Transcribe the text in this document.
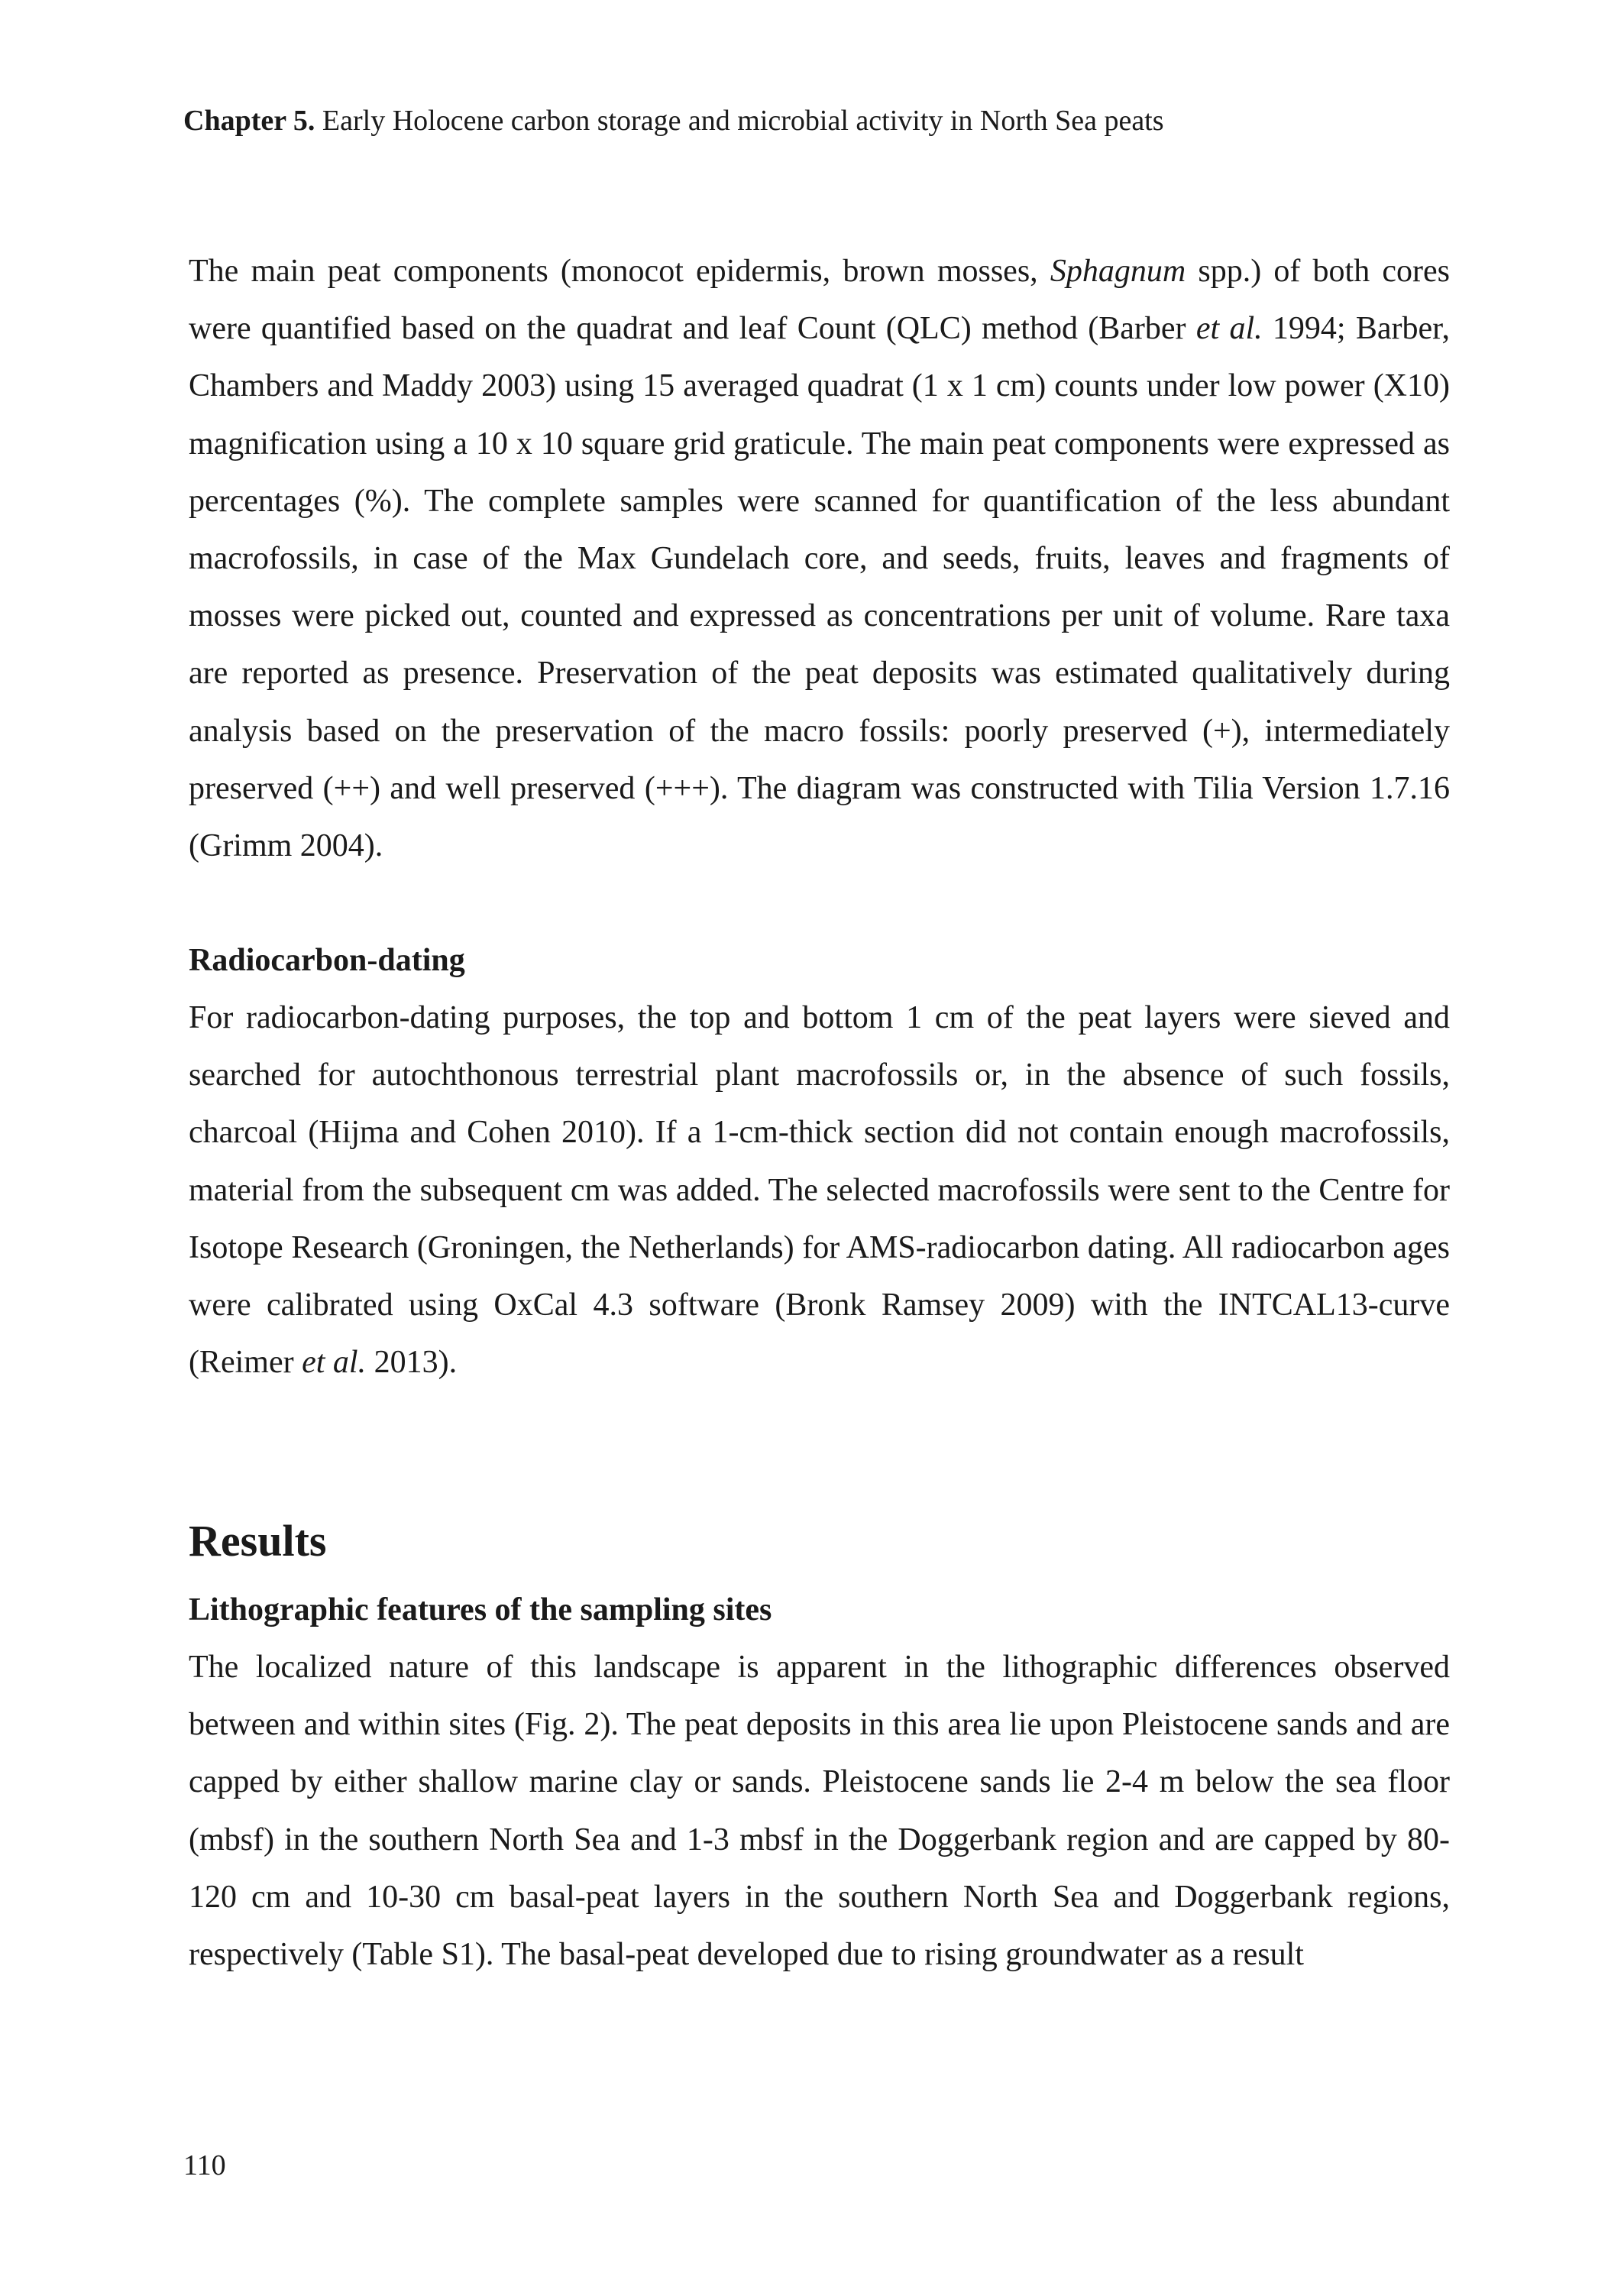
Chapter 5. Early Holocene carbon storage and microbial activity in North Sea peats

The main peat components (monocot epidermis, brown mosses, Sphagnum spp.) of both cores were quantified based on the quadrat and leaf Count (QLC) method (Barber et al. 1994; Barber, Chambers and Maddy 2003) using 15 averaged quadrat (1 x 1 cm) counts under low power (X10) magnification using a 10 x 10 square grid graticule. The main peat components were expressed as percentages (%). The complete samples were scanned for quantification of the less abundant macrofossils, in case of the Max Gundelach core, and seeds, fruits, leaves and fragments of mosses were picked out, counted and expressed as concentrations per unit of volume. Rare taxa are reported as presence. Preservation of the peat deposits was estimated qualitatively during analysis based on the preservation of the macro fossils: poorly preserved (+), intermediately preserved (++) and well preserved (+++). The diagram was constructed with Tilia Version 1.7.16 (Grimm 2004).

Radiocarbon-dating

For radiocarbon-dating purposes, the top and bottom 1 cm of the peat layers were sieved and searched for autochthonous terrestrial plant macrofossils or, in the absence of such fossils, charcoal (Hijma and Cohen 2010). If a 1-cm-thick section did not contain enough macrofossils, material from the subsequent cm was added. The selected macrofossils were sent to the Centre for Isotope Research (Groningen, the Netherlands) for AMS-radiocarbon dating. All radiocarbon ages were calibrated using OxCal 4.3 software (Bronk Ramsey 2009) with the INTCAL13-curve (Reimer et al. 2013).

Results

Lithographic features of the sampling sites

The localized nature of this landscape is apparent in the lithographic differences observed between and within sites (Fig. 2). The peat deposits in this area lie upon Pleistocene sands and are capped by either shallow marine clay or sands. Pleistocene sands lie 2-4 m below the sea floor (mbsf) in the southern North Sea and 1-3 mbsf in the Doggerbank region and are capped by 80-120 cm and 10-30 cm basal-peat layers in the southern North Sea and Doggerbank regions, respectively (Table S1). The basal-peat developed due to rising groundwater as a result

110
